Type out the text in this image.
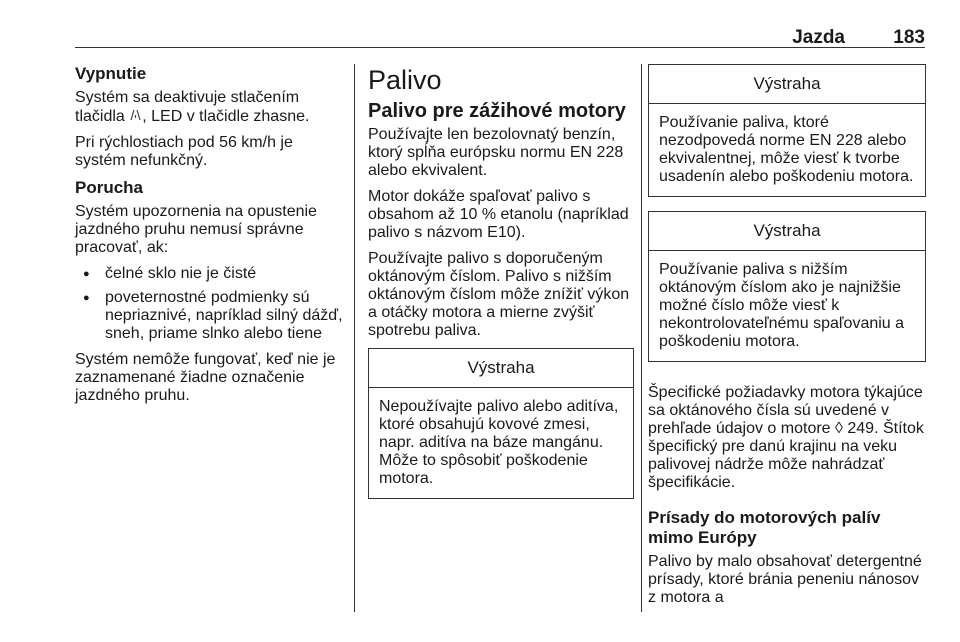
Jazda	183
Vypnutie

Systém sa deaktivuje stlačením tlačidla , LED v tlačidle zhasne.

Pri rýchlostiach pod 56 km/h je systém nefunkčný.

Porucha

Systém upozornenia na opustenie jazdného pruhu nemusí správne pracovať, ak:

● čelné sklo nie je čisté
● poveternostné podmienky sú nepriaznivé, napríklad silný dážď, sneh, priame slnko alebo tiene

Systém nemôže fungovať, keď nie je zaznamenané žiadne označenie jazdného pruhu.

Palivo
Palivo pre zážihové motory

Používajte len bezolovnatý benzín, ktorý spĺňa európsku normu EN 228 alebo ekvivalent.

Motor dokáže spaľovať palivo s obsahom až 10 % etanolu (napríklad palivo s názvom E10).

Používajte palivo s doporučeným oktánovým číslom. Palivo s nižším oktánovým číslom môže znížiť výkon a otáčky motora a mierne zvýšiť spotrebu paliva.

Výstraha
Nepoužívajte palivo alebo aditíva, ktoré obsahujú kovové zmesi, napr. aditíva na báze mangánu. Môže to spôsobiť poškodenie motora.
Výstraha
Používanie paliva, ktoré nezodpovedá norme EN 228 alebo ekvivalentnej, môže viesť k tvorbe usadenín alebo poškodeniu motora.
Výstraha
Používanie paliva s nižším oktánovým číslom ako je najnižšie možné číslo môže viesť k nekontrolovateľnému spaľovaniu a poškodeniu motora.

Špecifické požiadavky motora týkajúce sa oktánového čísla sú uvedené v prehľade údajov o motore ◊ 249. Štítok špecifický pre danú krajinu na veku palivovej nádrže môže nahrádzať špecifikácie.

Prísady do motorových palív mimo Európy

Palivo by malo obsahovať detergentné prísady, ktoré bránia peneniu nánosov z motora a
